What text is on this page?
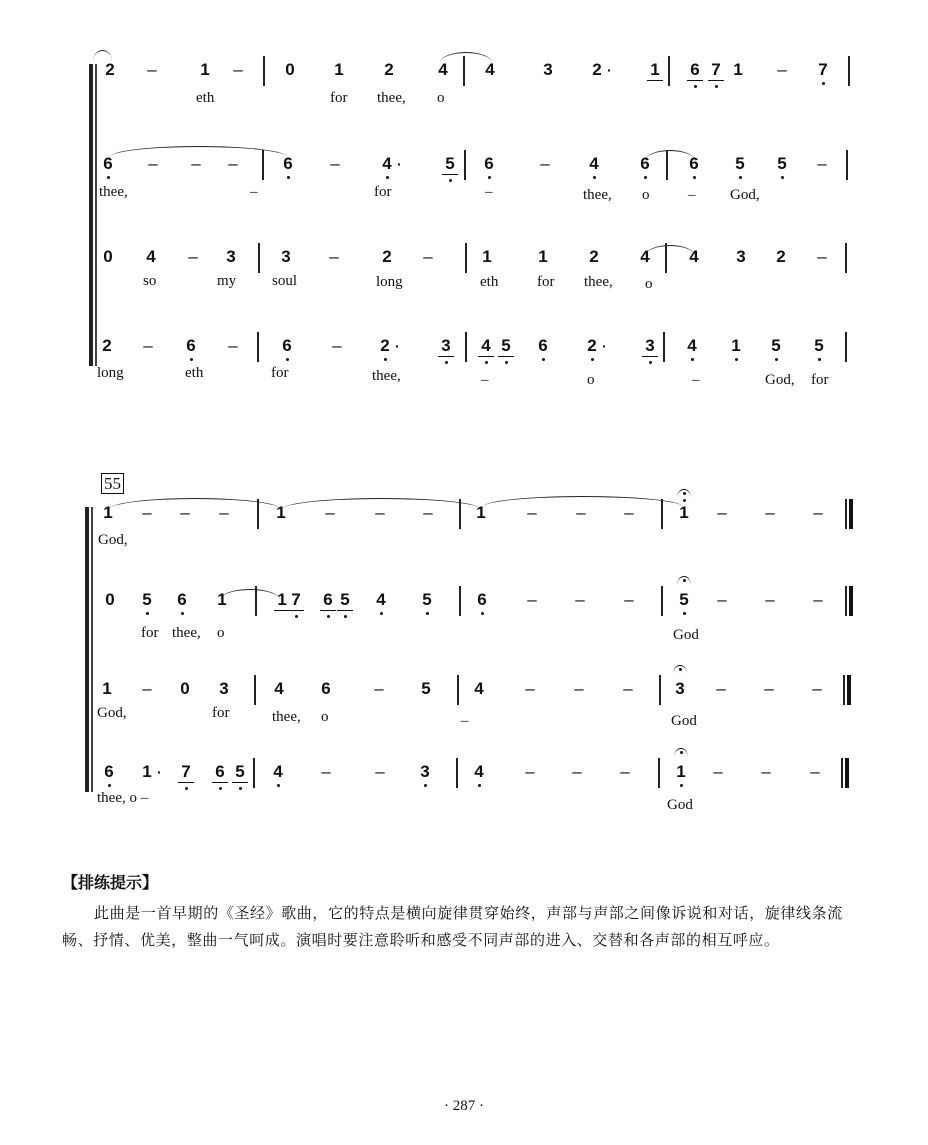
2	–	1	–	0	1	2	4	4	3	2 ·	1	6 7 1	–	7
eth	for thee, o
6	–	–	–	6	–	4 ·	5	6	–	4	6	6	5	5	–
thee,	–	for	–	thee, o	– God,
0	4	–	3	3	–	2	–	1	1	2	4	4	3	2	–
so	my soul	long	eth	for thee, o
2	–	6	–	6	–	2 ·	3	4 5	6	2 ·	3	4	1	5	5
long	eth	for	thee,	–	o	–	God, for
1	–	–	–	1	–	–	–	1	–	–	–	1	–	–	–
God,
0	5	6	1	1 7	6 5	4	5	6	–	–	–	5	–	–	–
for thee, o	God
1	–	0	3	4	6	–	5	4	–	–	–	3	–	–	–
God,	for	thee, o	–	God
6	1 ·	7	6 5	4	–	–	3	4	–	–	–	1	–	–	–
thee, o –	God
55
【排练提示】
此曲是一首早期的《圣经》歌曲，它的特点是横向旋律贯穿始终，声部与声部之间像诉说和对话，旋律线条流畅、抒情、优美，整曲一气呵成。演唱时要注意聆听和感受不同声部的进入、交替和各声部的相互呼应。
· 287 ·
